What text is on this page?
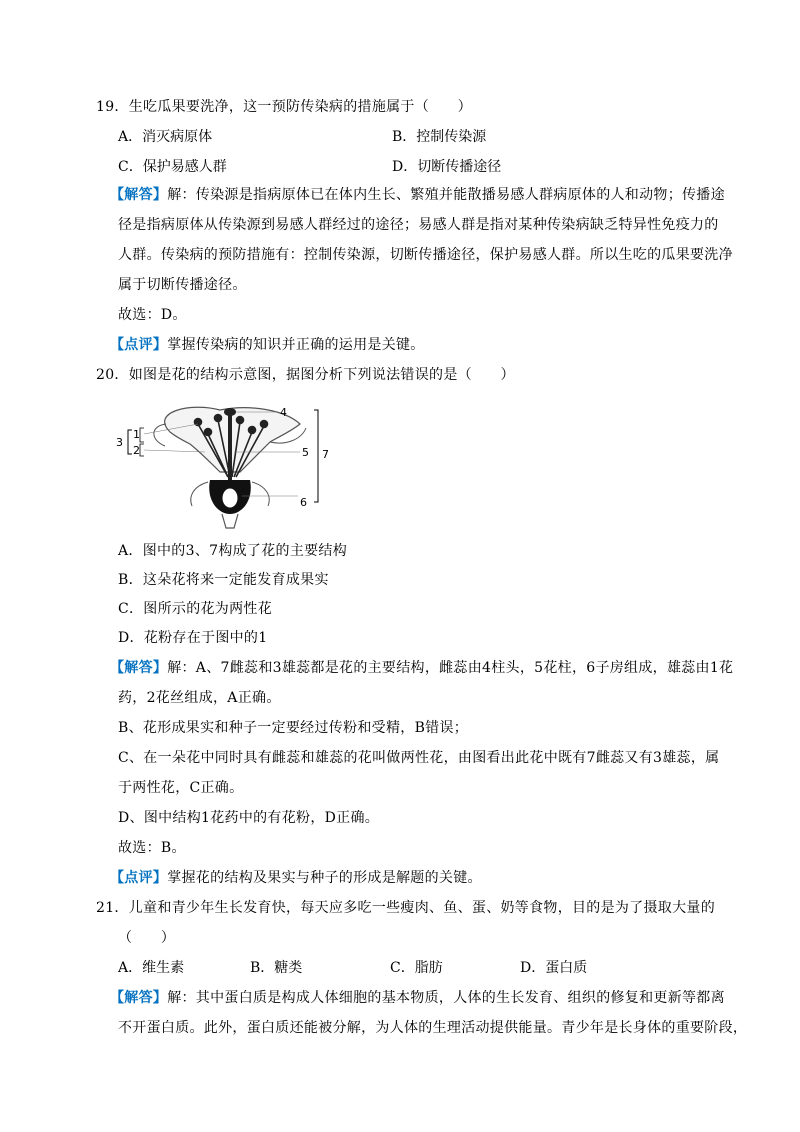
19．生吃瓜果要洗净，这一预防传染病的措施属于（　　）
A．消灭病原体	B．控制传染源
C．保护易感人群	D．切断传播途径
【解答】解：传染源是指病原体已在体内生长、繁殖并能散播易感人群病原体的人和动物；传播途
径是指病原体从传染源到易感人群经过的途径；易感人群是指对某种传染病缺乏特异性免疫力的
人群。传染病的预防措施有：控制传染源，切断传播途径，保护易感人群。所以生吃的瓜果要洗净
属于切断传播途径。
故选：D。
【点评】掌握传染病的知识并正确的运用是关键。
20．如图是花的结构示意图，据图分析下列说法错误的是（　　）
3
1
2
4
5
6
7
A．图中的3、7构成了花的主要结构
B．这朵花将来一定能发育成果实
C．图所示的花为两性花
D．花粉存在于图中的1
【解答】解：A、7雌蕊和3雄蕊都是花的主要结构，雌蕊由4柱头，5花柱，6子房组成，雄蕊由1花
药，2花丝组成，A正确。
B、花形成果实和种子一定要经过传粉和受精，B错误；
C、在一朵花中同时具有雌蕊和雄蕊的花叫做两性花，由图看出此花中既有7雌蕊又有3雄蕊，属
于两性花，C正确。
D、图中结构1花药中的有花粉，D正确。
故选：B。
【点评】掌握花的结构及果实与种子的形成是解题的关键。
21．儿童和青少年生长发育快，每天应多吃一些瘦肉、鱼、蛋、奶等食物，目的是为了摄取大量的
（　　）
A．维生素	B．糖类	C．脂肪	D．蛋白质
【解答】解：其中蛋白质是构成人体细胞的基本物质，人体的生长发育、组织的修复和更新等都离
不开蛋白质。此外，蛋白质还能被分解，为人体的生理活动提供能量。青少年是长身体的重要阶段，
